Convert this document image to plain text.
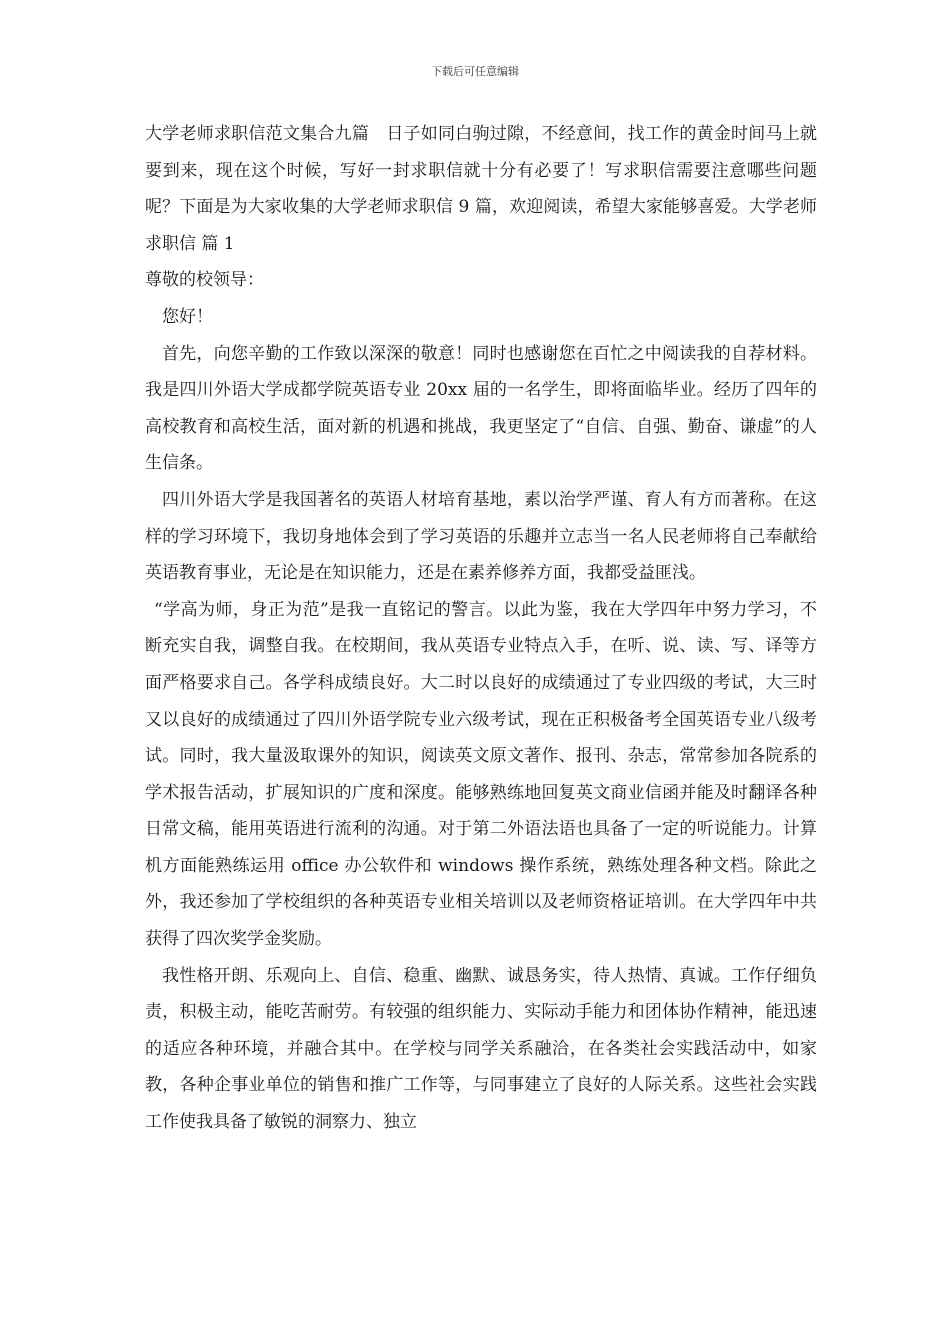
下载后可任意编辑

大学老师求职信范文集合九篇　日子如同白驹过隙，不经意间，找工作的黄金时间马上就要到来，现在这个时候，写好一封求职信就十分有必要了！写求职信需要注意哪些问题呢？下面是为大家收集的大学老师求职信 9 篇，欢迎阅读，希望大家能够喜爱。大学老师求职信 篇 1

尊敬的校领导：

您好！

首先，向您辛勤的工作致以深深的敬意！同时也感谢您在百忙之中阅读我的自荐材料。我是四川外语大学成都学院英语专业 20xx 届的一名学生，即将面临毕业。经历了四年的高校教育和高校生活，面对新的机遇和挑战，我更坚定了“自信、自强、勤奋、谦虚”的人生信条。

四川外语大学是我国著名的英语人材培育基地，素以治学严谨、育人有方而著称。在这样的学习环境下，我切身地体会到了学习英语的乐趣并立志当一名人民老师将自己奉献给英语教育事业，无论是在知识能力，还是在素养修养方面，我都受益匪浅。

“学高为师，身正为范”是我一直铭记的警言。以此为鉴，我在大学四年中努力学习，不断充实自我，调整自我。在校期间，我从英语专业特点入手，在听、说、读、写、译等方面严格要求自己。各学科成绩良好。大二时以良好的成绩通过了专业四级的考试，大三时又以良好的成绩通过了四川外语学院专业六级考试，现在正积极备考全国英语专业八级考试。同时，我大量汲取课外的知识，阅读英文原文著作、报刊、杂志，常常参加各院系的学术报告活动，扩展知识的广度和深度。能够熟练地回复英文商业信函并能及时翻译各种日常文稿，能用英语进行流利的沟通。对于第二外语法语也具备了一定的听说能力。计算机方面能熟练运用 office 办公软件和 windows 操作系统，熟练处理各种文档。除此之外，我还参加了学校组织的各种英语专业相关培训以及老师资格证培训。在大学四年中共获得了四次奖学金奖励。

我性格开朗、乐观向上、自信、稳重、幽默、诚恳务实，待人热情、真诚。工作仔细负责，积极主动，能吃苦耐劳。有较强的组织能力、实际动手能力和团体协作精神，能迅速的适应各种环境，并融合其中。在学校与同学关系融洽，在各类社会实践活动中，如家教，各种企事业单位的销售和推广工作等，与同事建立了良好的人际关系。这些社会实践工作使我具备了敏锐的洞察力、独立
